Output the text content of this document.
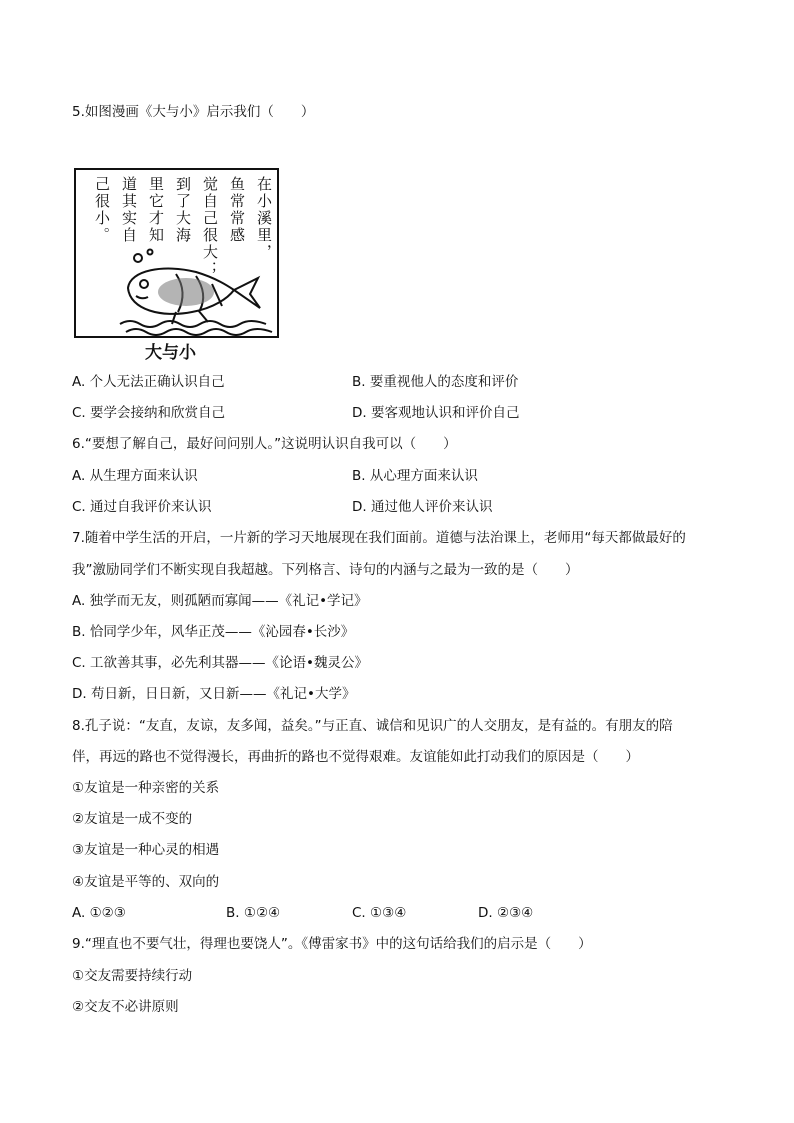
5.如图漫画《大与小》启示我们（　　）
在小溪里，
鱼常常感
觉自己很大；
到了大海
里它才知
道其实自
己很小。
大与小
A. 个人无法正确认识自己	B. 要重视他人的态度和评价
C. 要学会接纳和欣赏自己	D. 要客观地认识和评价自己
6.“要想了解自己，最好问问别人。”这说明认识自我可以（　　）
A. 从生理方面来认识	B. 从心理方面来认识
C. 通过自我评价来认识	D. 通过他人评价来认识
7.随着中学生活的开启，一片新的学习天地展现在我们面前。道德与法治课上，老师用“每天都做最好的
我”激励同学们不断实现自我超越。下列格言、诗句的内涵与之最为一致的是（　　）
A. 独学而无友，则孤陋而寡闻——《礼记•学记》
B. 恰同学少年，风华正茂——《沁园春•长沙》
C. 工欲善其事，必先利其器——《论语•魏灵公》
D. 苟日新，日日新，又日新——《礼记•大学》
8.孔子说：“友直，友谅，友多闻，益矣。”与正直、诚信和见识广的人交朋友，是有益的。有朋友的陪
伴，再远的路也不觉得漫长，再曲折的路也不觉得艰难。友谊能如此打动我们的原因是（　　）
①友谊是一种亲密的关系
②友谊是一成不变的
③友谊是一种心灵的相遇
④友谊是平等的、双向的
A. ①②③	B. ①②④	C. ①③④	D. ②③④
9.“理直也不要气壮，得理也要饶人”。《傅雷家书》中的这句话给我们的启示是（　　）
①交友需要持续行动
②交友不必讲原则
